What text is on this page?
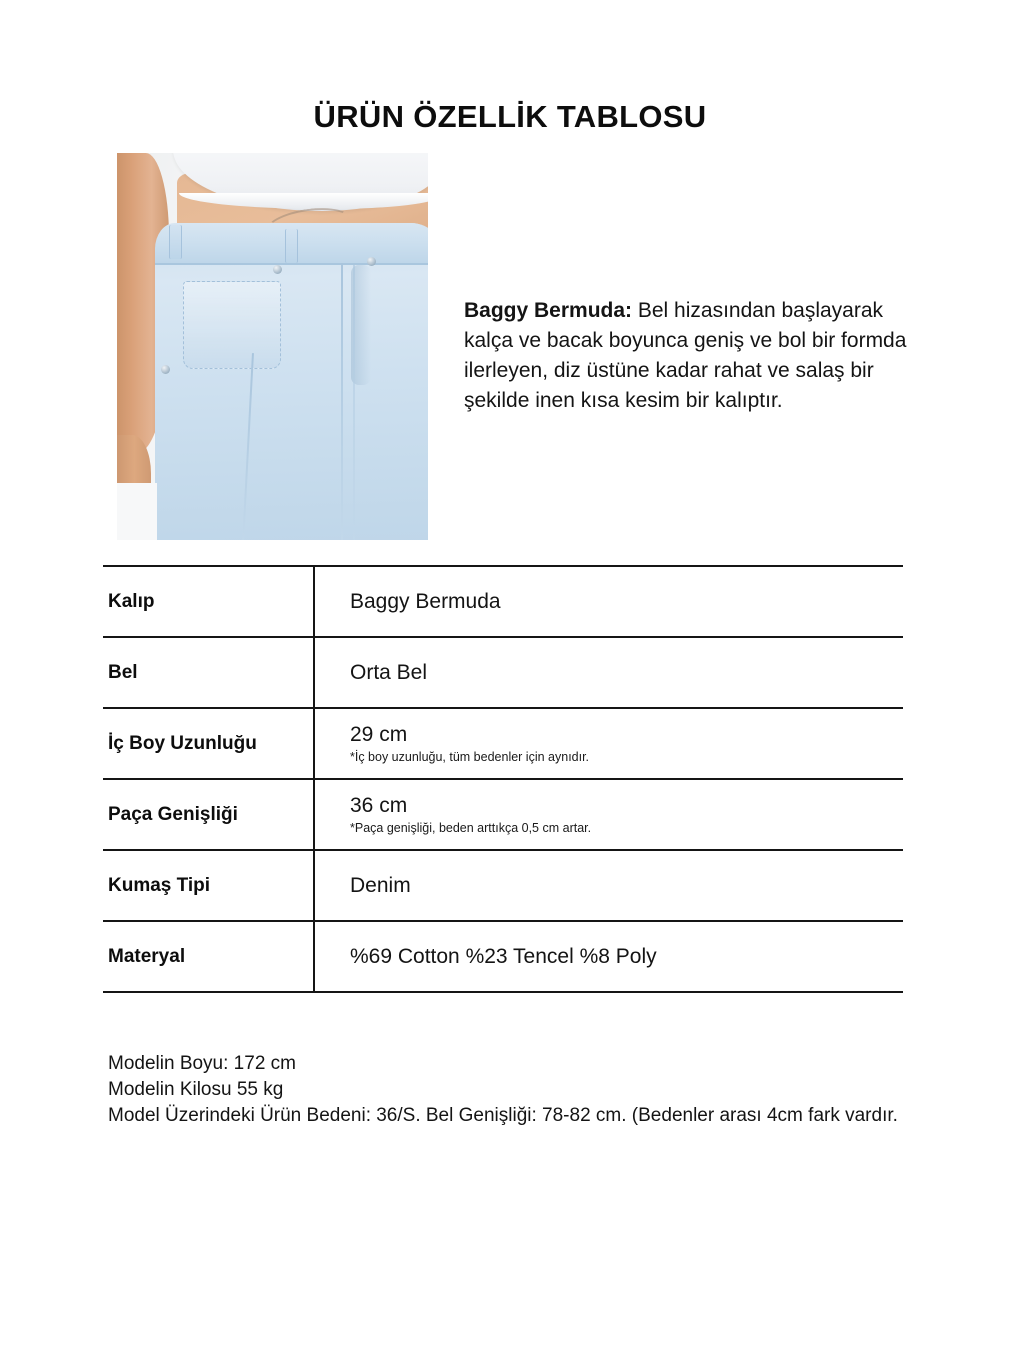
ÜRÜN ÖZELLİK TABLOSU

Baggy Bermuda: Bel hizasından başlayarak kalça ve bacak boyunca geniş ve bol bir formda ilerleyen, diz üstüne kadar rahat ve salaş bir şekilde inen kısa kesim bir kalıptır.

Kalıp	Baggy Bermuda

Bel	Orta Bel

İç Boy Uzunluğu	29 cm
*İç boy uzunluğu, tüm bedenler için aynıdır.

Paça Genişliği	36 cm
*Paça genişliği, beden arttıkça 0,5 cm artar.

Kumaş Tipi	Denim

Materyal	%69 Cotton %23 Tencel %8 Poly
Modelin Boyu: 172 cm
Modelin Kilosu 55 kg
Model Üzerindeki Ürün Bedeni: 36/S. Bel Genişliği: 78-82 cm. (Bedenler arası 4cm fark vardır.
